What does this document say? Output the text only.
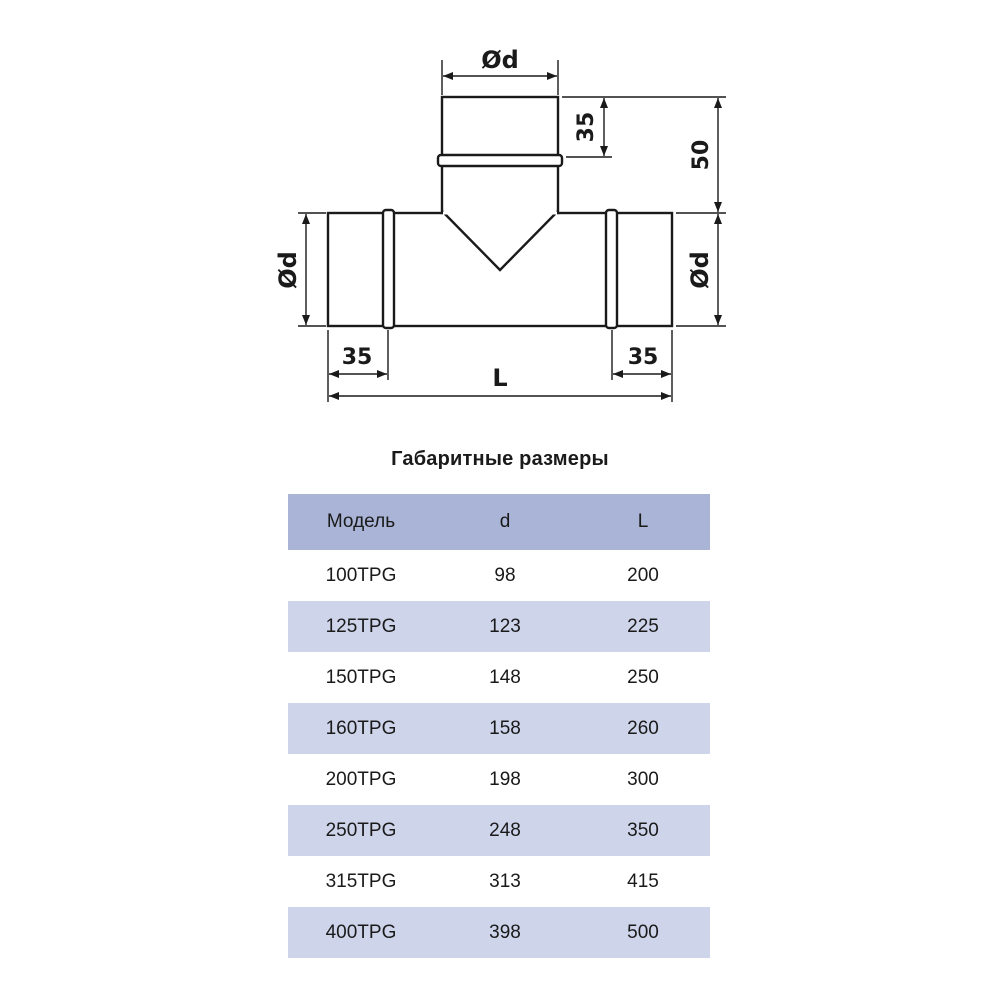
Ød
35
50
Ød
Ød
35	35
L
Габаритные размеры
Модель	d	L
100TPG	98	200
125TPG	123	225
150TPG	148	250
160TPG	158	260
200TPG	198	300
250TPG	248	350
315TPG	313	415
400TPG	398	500
